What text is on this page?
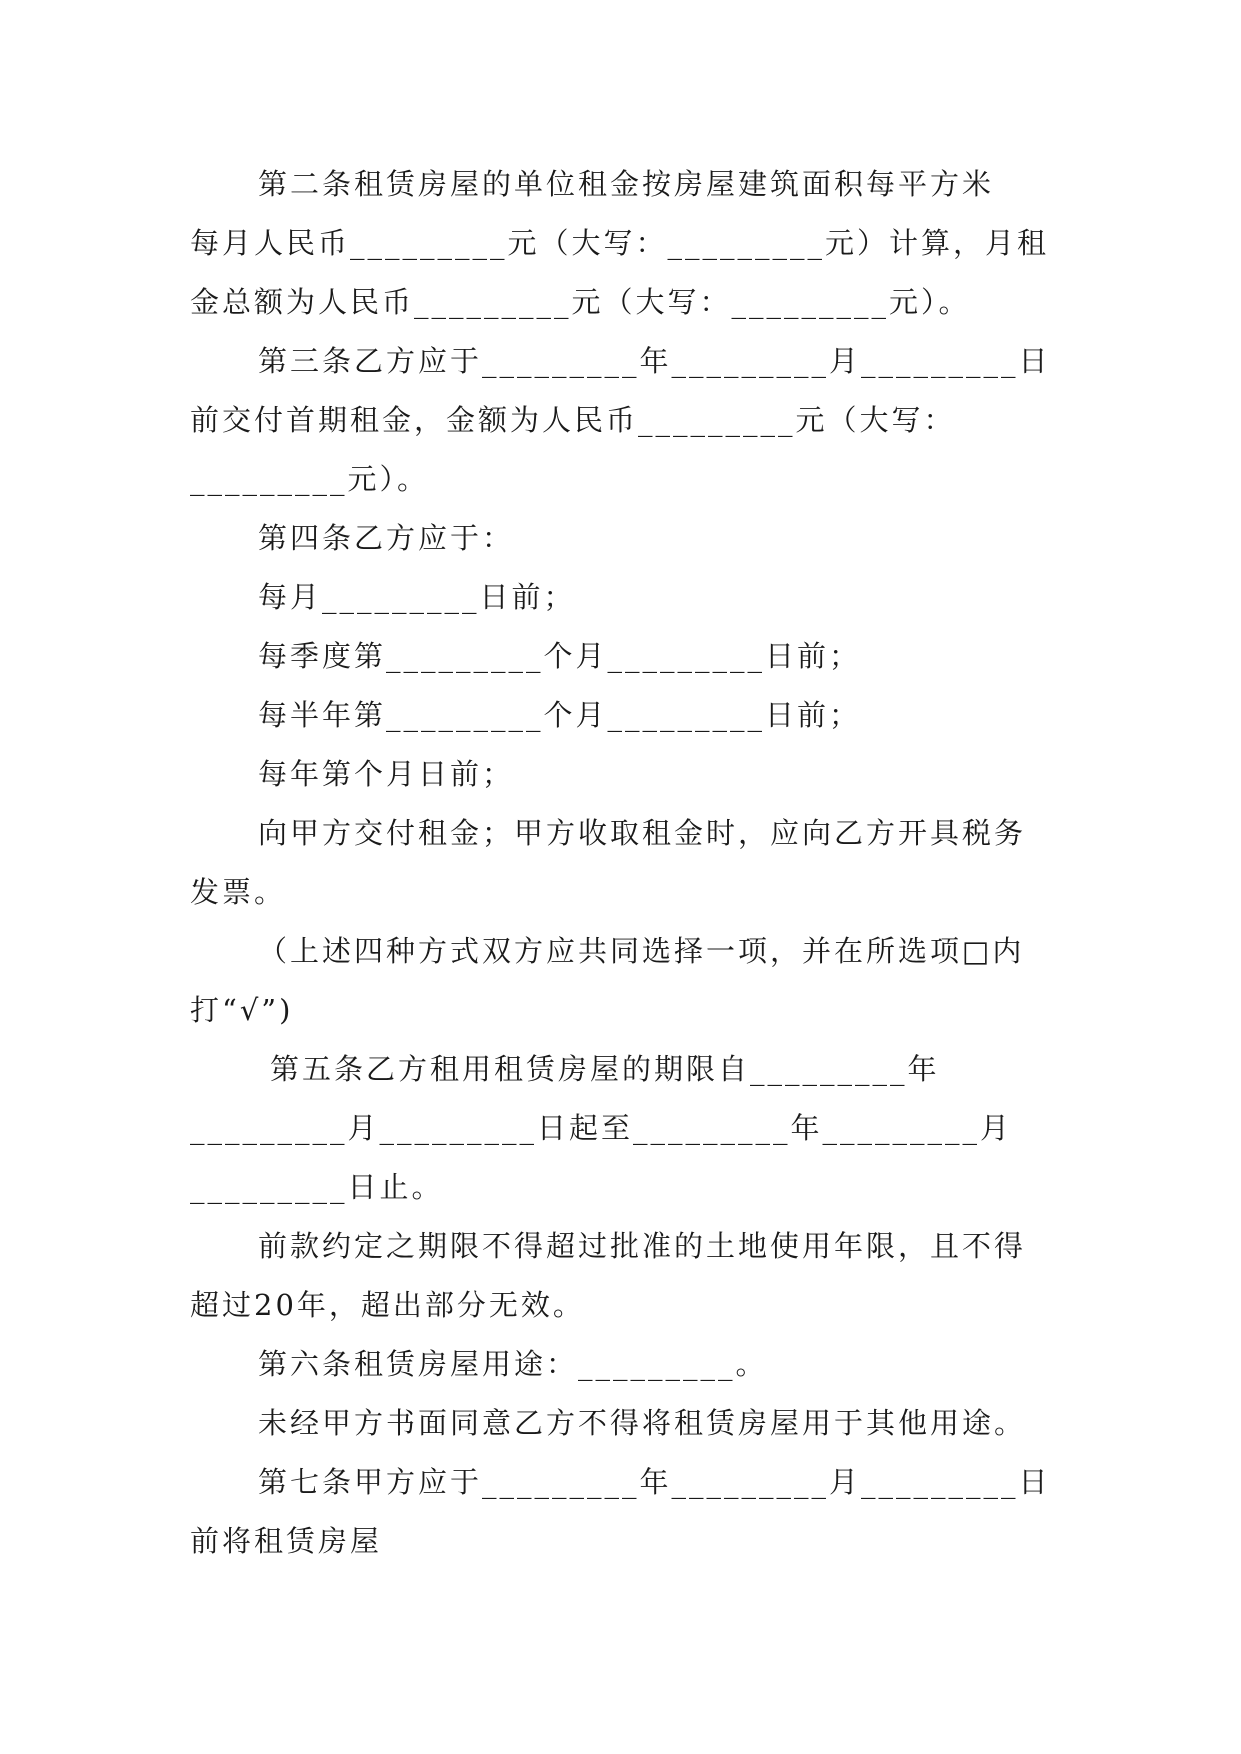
第二条租赁房屋的单位租金按房屋建筑面积每平方米
每月人民币_________元（大写：_________元）计算，月租
金总额为人民币_________元（大写：_________元）。
第三条乙方应于_________年_________月_________日
前交付首期租金，金额为人民币_________元（大写：
_________元）。
第四条乙方应于：
每月_________日前；
每季度第_________个月_________日前；
每半年第_________个月_________日前；
每年第个月日前；
向甲方交付租金；甲方收取租金时，应向乙方开具税务
发票。
（上述四种方式双方应共同选择一项，并在所选项□内
打“√”)
第五条乙方租用租赁房屋的期限自_________年
_________月_________日起至_________年_________月
_________日止。
前款约定之期限不得超过批准的土地使用年限，且不得
超过20年，超出部分无效。
第六条租赁房屋用途：_________。
未经甲方书面同意乙方不得将租赁房屋用于其他用途。
第七条甲方应于_________年_________月_________日
前将租赁房屋
